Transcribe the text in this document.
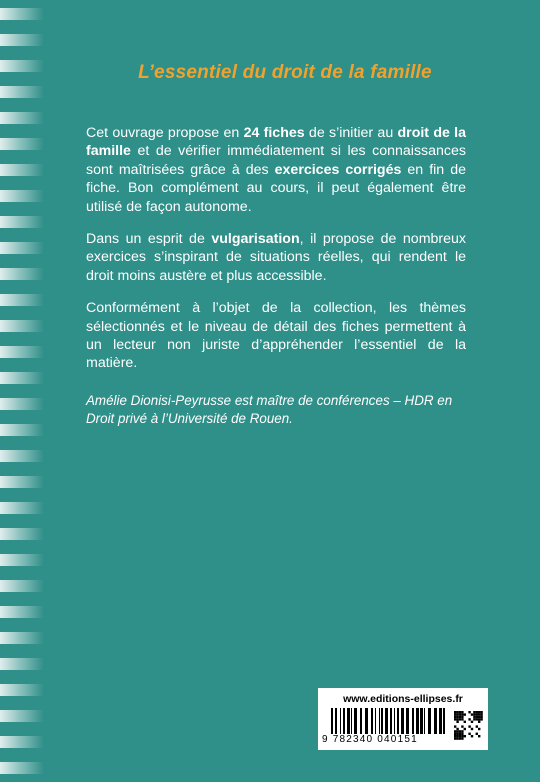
L’essentiel du droit de la famille

Cet ouvrage propose en 24 fiches de s’initier au droit de la famille et de vérifier immédiatement si les connaissances sont maîtrisées grâce à des exercices corrigés en fin de fiche. Bon complément au cours, il peut également être utilisé de façon autonome.

Dans un esprit de vulgarisation, il propose de nombreux exercices s’inspirant de situations réelles, qui rendent le droit moins austère et plus accessible.

Conformément à l’objet de la collection, les thèmes sélectionnés et le niveau de détail des fiches permettent à un lecteur non juriste d’appréhender l’essentiel de la matière.

Amélie Dionisi-Peyrusse est maître de conférences – HDR en Droit privé à l’Université de Rouen.

www.editions-ellipses.fr
9 782340 040151
